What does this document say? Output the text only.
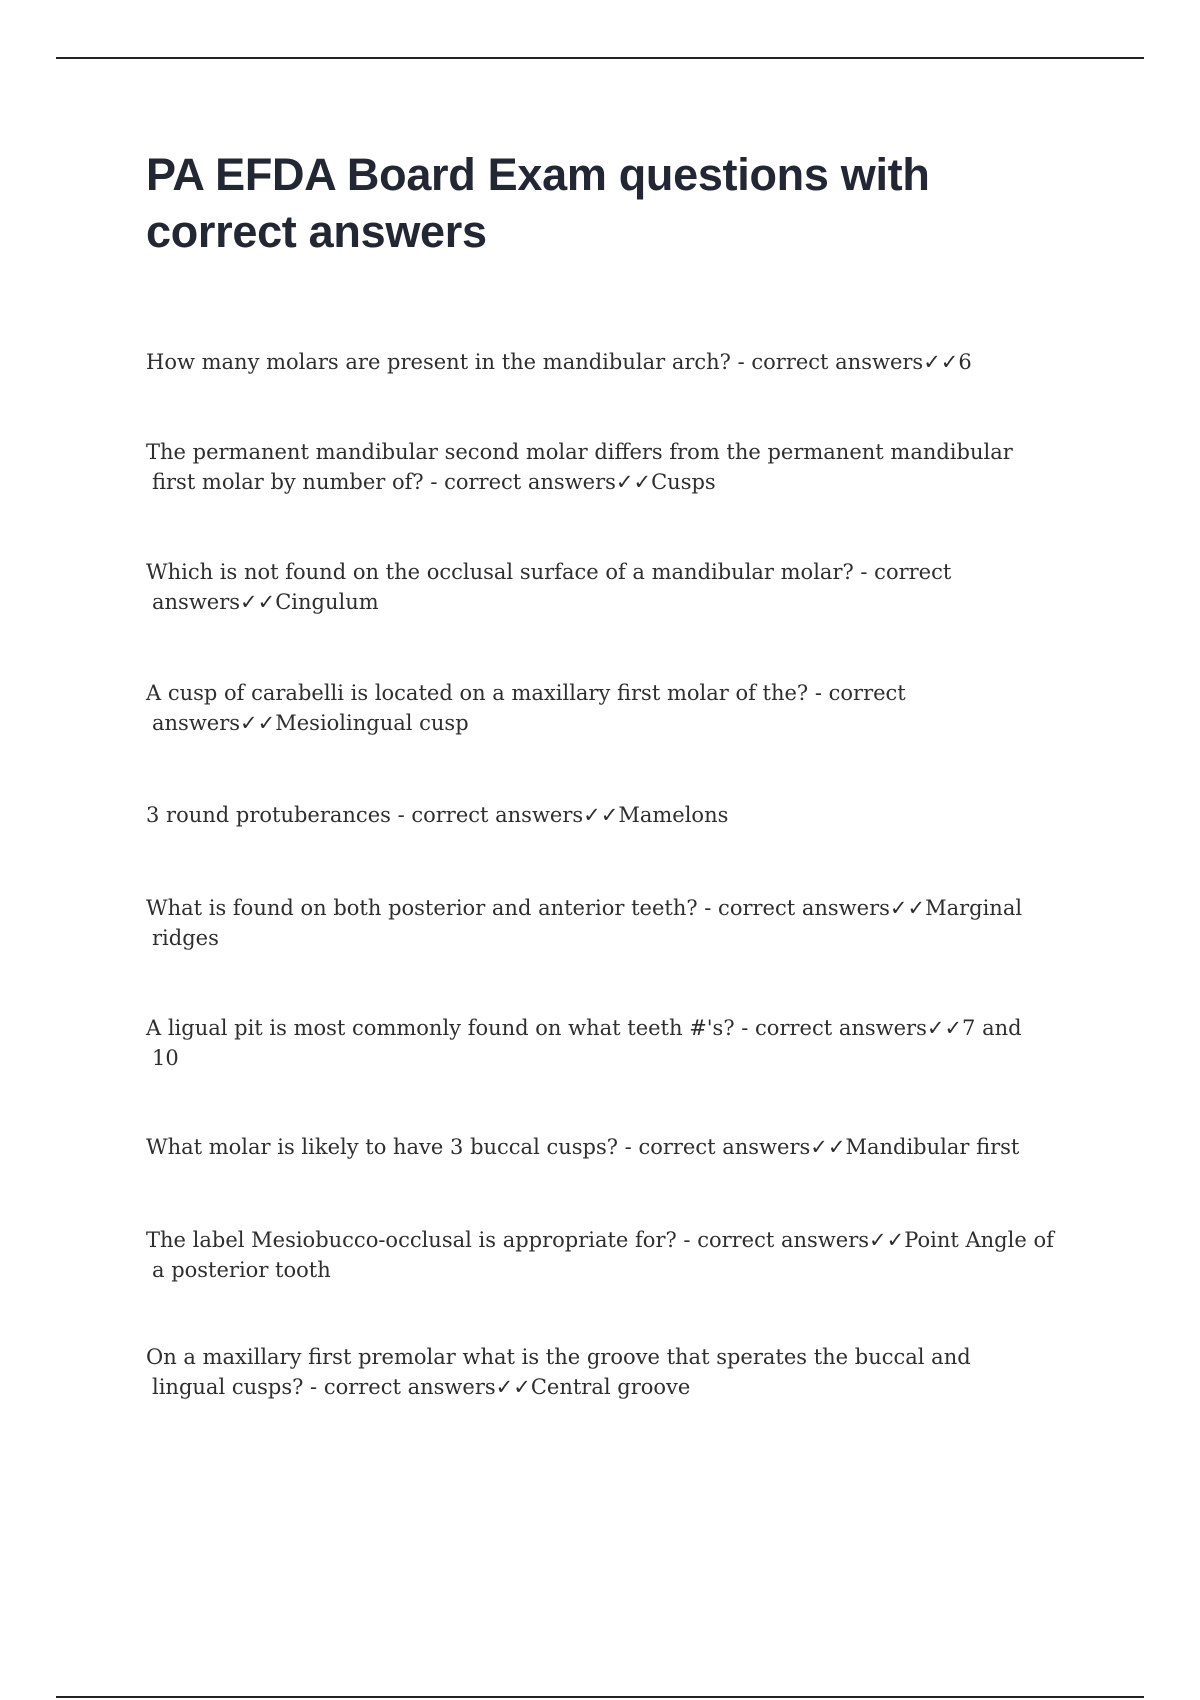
PA EFDA Board Exam questions with
correct answers
How many molars are present in the mandibular arch? - correct answers✓✓6
The permanent mandibular second molar differs from the permanent mandibular
first molar by number of? - correct answers✓✓Cusps
Which is not found on the occlusal surface of a mandibular molar? - correct
answers✓✓Cingulum
A cusp of carabelli is located on a maxillary first molar of the? - correct
answers✓✓Mesiolingual cusp
3 round protuberances - correct answers✓✓Mamelons
What is found on both posterior and anterior teeth? - correct answers✓✓Marginal
ridges
A ligual pit is most commonly found on what teeth #'s? - correct answers✓✓7 and
10
What molar is likely to have 3 buccal cusps? - correct answers✓✓Mandibular first
The label Mesiobucco-occlusal is appropriate for? - correct answers✓✓Point Angle of
a posterior tooth
On a maxillary first premolar what is the groove that sperates the buccal and
lingual cusps? - correct answers✓✓Central groove
